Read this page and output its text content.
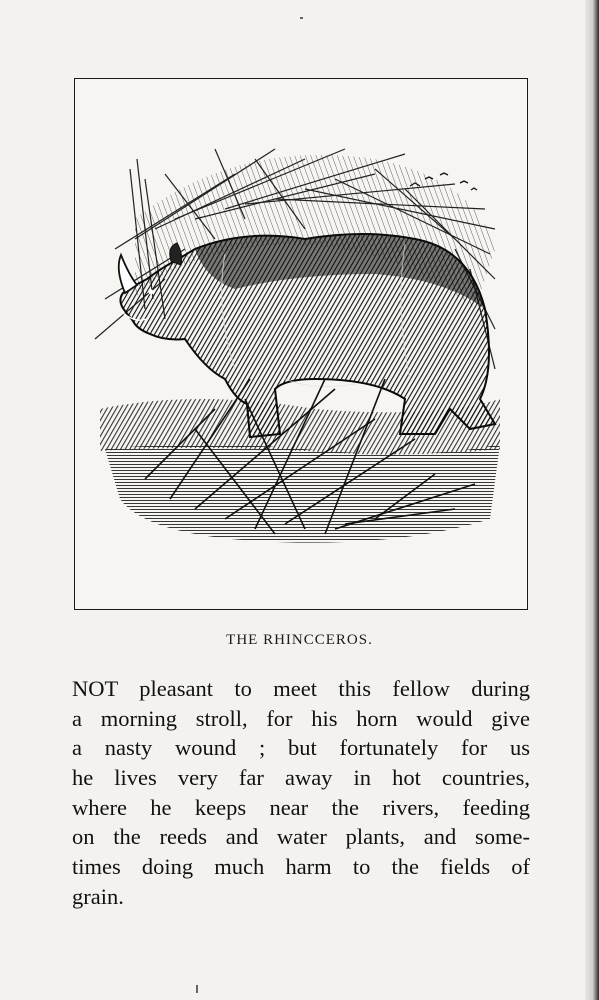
THE RHINCCEROS.
NOT pleasant to meet this fellow during
a morning stroll, for his horn would give
a nasty wound ; but fortunately for us
he lives very far away in hot countries,
where he keeps near the rivers, feeding
on the reeds and water plants, and some-
times doing much harm to the fields of
grain.
